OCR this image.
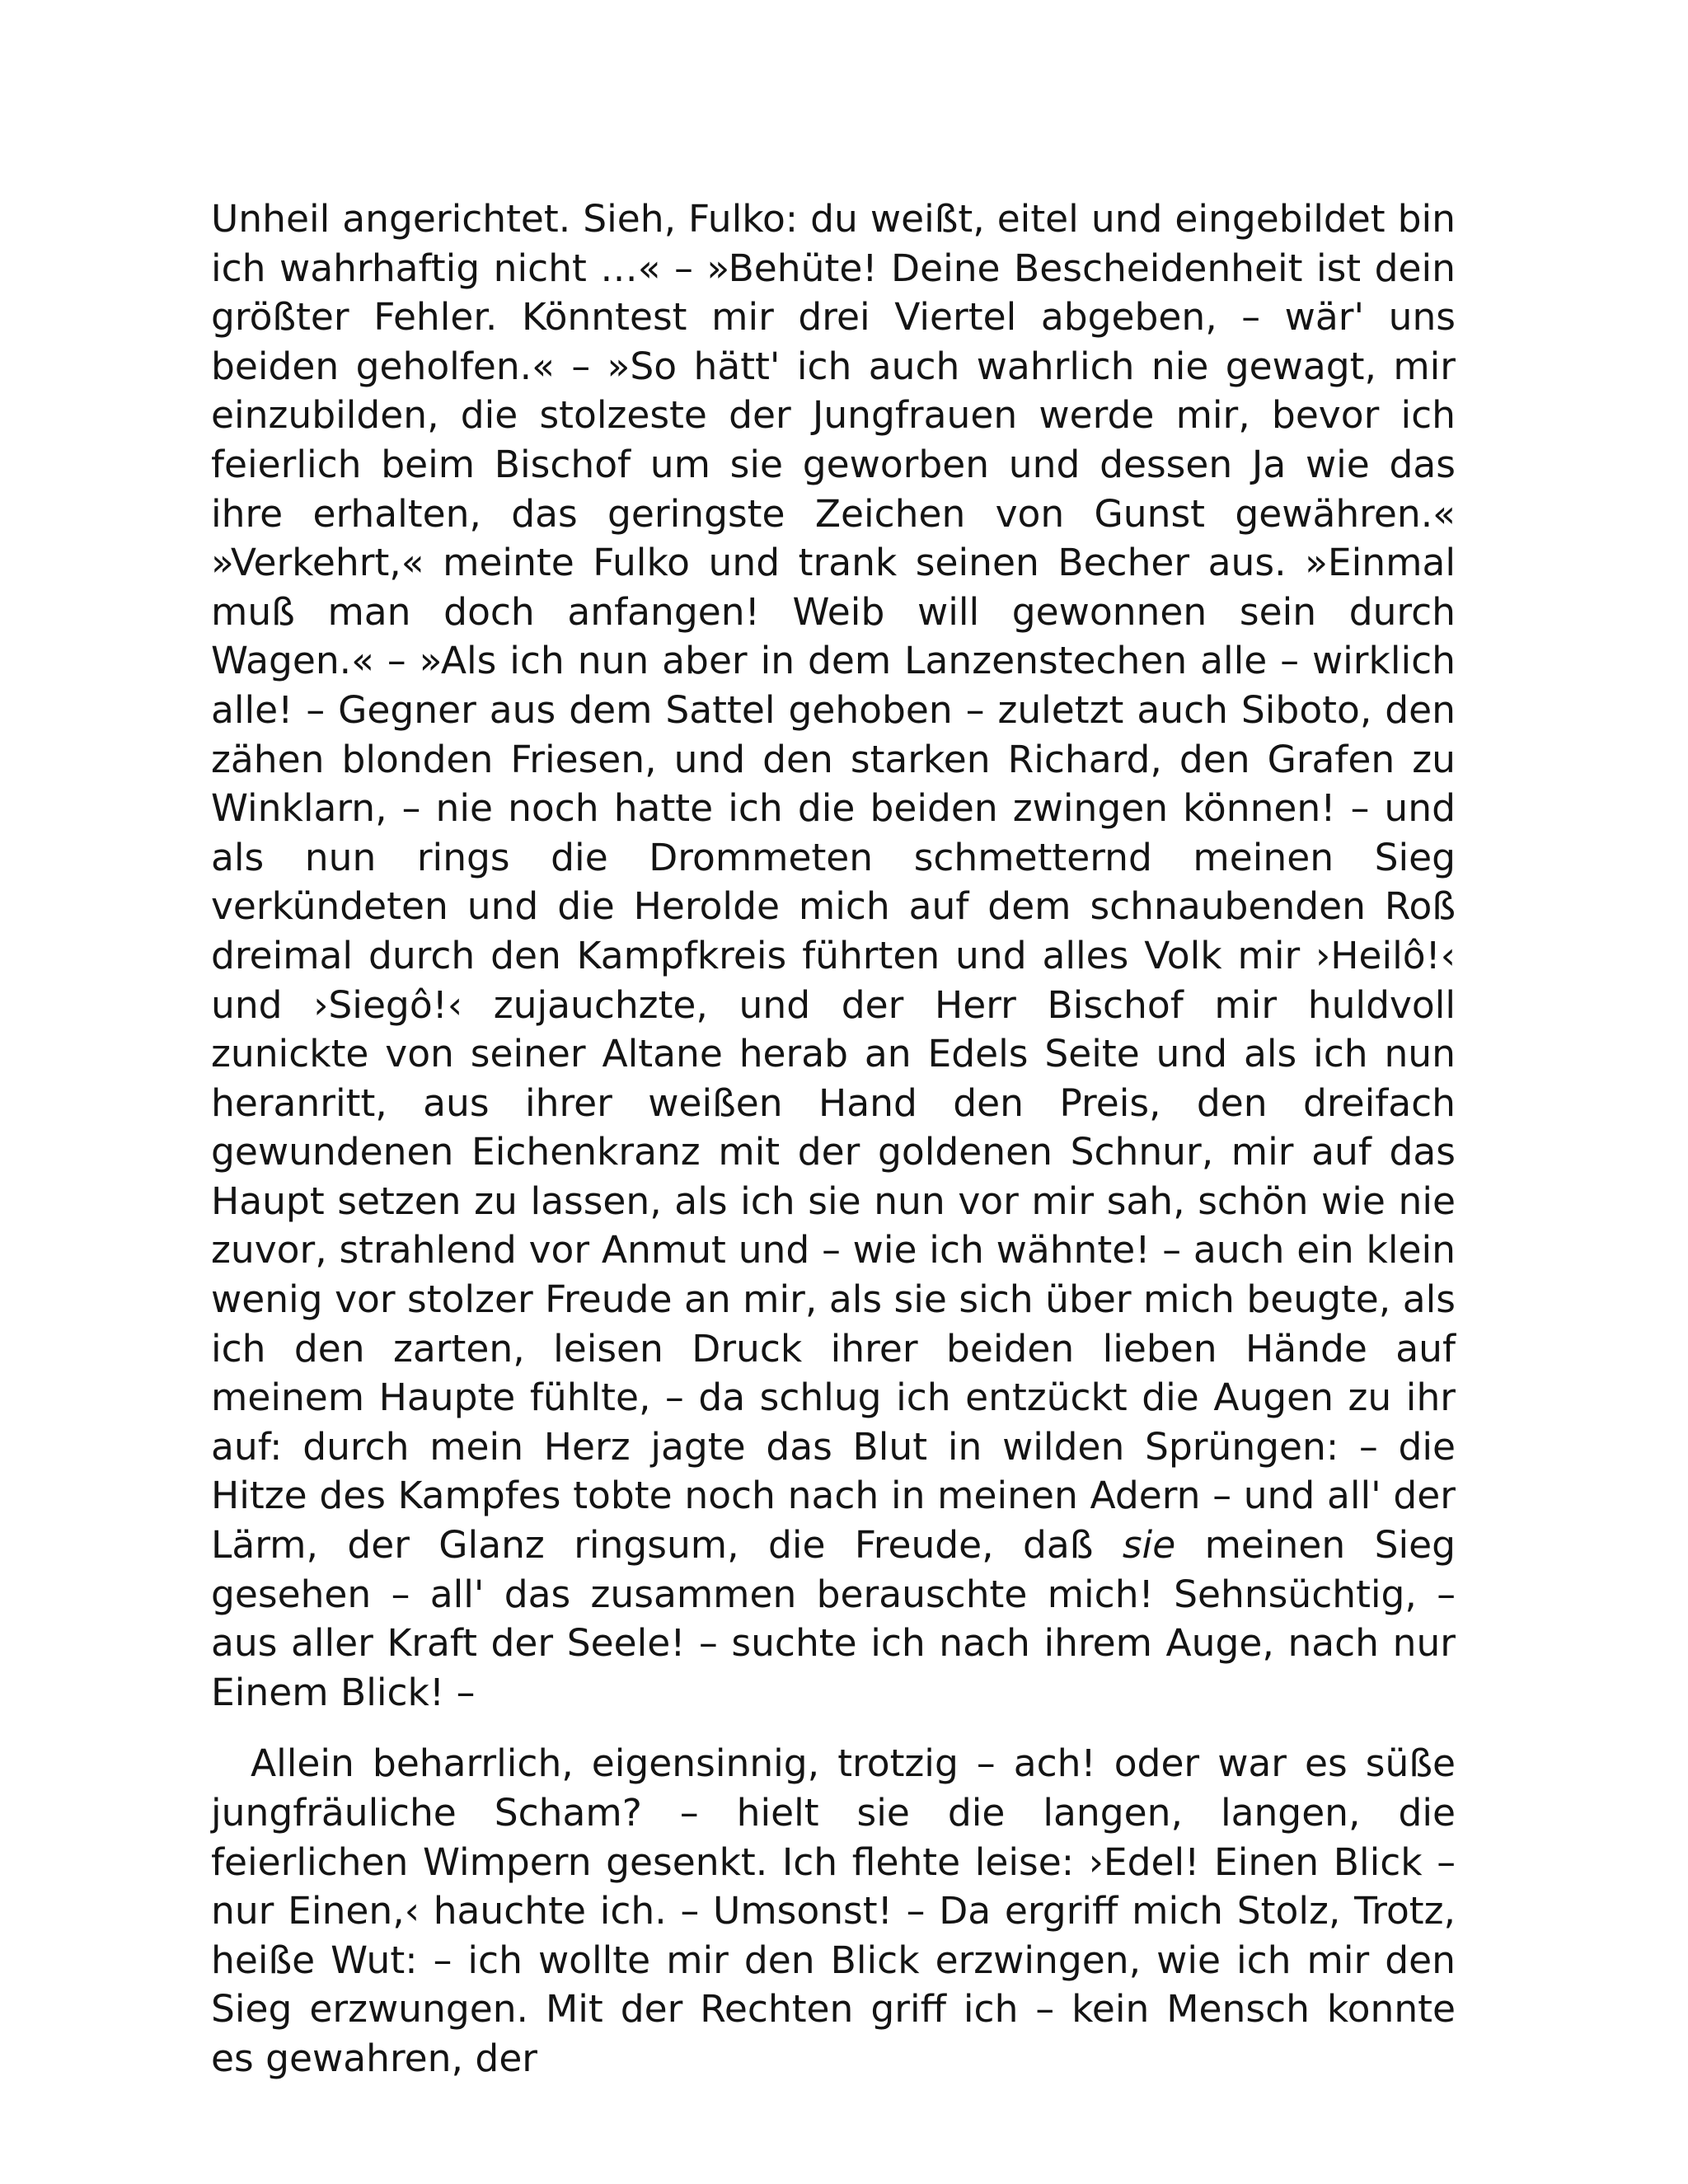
Unheil angerichtet. Sieh, Fulko: du weißt, eitel und eingebildet bin ich wahrhaftig nicht …« – »Behüte! Deine Bescheidenheit ist dein größter Fehler. Könntest mir drei Viertel abgeben, – wär' uns beiden geholfen.« – »So hätt' ich auch wahrlich nie gewagt, mir einzubilden, die stolzeste der Jungfrauen werde mir, bevor ich feierlich beim Bischof um sie geworben und dessen Ja wie das ihre erhalten, das geringste Zeichen von Gunst gewähren.« »Verkehrt,« meinte Fulko und trank seinen Becher aus. »Einmal muß man doch anfangen! Weib will gewonnen sein durch Wagen.« – »Als ich nun aber in dem Lanzenstechen alle – wirklich alle! – Gegner aus dem Sattel gehoben – zuletzt auch Siboto, den zähen blonden Friesen, und den starken Richard, den Grafen zu Winklarn, – nie noch hatte ich die beiden zwingen können! – und als nun rings die Drommeten schmetternd meinen Sieg verkündeten und die Herolde mich auf dem schnaubenden Roß dreimal durch den Kampfkreis führten und alles Volk mir ›Heilô!‹ und ›Siegô!‹ zujauchzte, und der Herr Bischof mir huldvoll zunickte von seiner Altane herab an Edels Seite und als ich nun heranritt, aus ihrer weißen Hand den Preis, den dreifach gewundenen Eichenkranz mit der goldenen Schnur, mir auf das Haupt setzen zu lassen, als ich sie nun vor mir sah, schön wie nie zuvor, strahlend vor Anmut und – wie ich wähnte! – auch ein klein wenig vor stolzer Freude an mir, als sie sich über mich beugte, als ich den zarten, leisen Druck ihrer beiden lieben Hände auf meinem Haupte fühlte, – da schlug ich entzückt die Augen zu ihr auf: durch mein Herz jagte das Blut in wilden Sprüngen: – die Hitze des Kampfes tobte noch nach in meinen Adern – und all' der Lärm, der Glanz ringsum, die Freude, daß sie meinen Sieg gesehen – all' das zusammen berauschte mich! Sehnsüchtig, – aus aller Kraft der Seele! – suchte ich nach ihrem Auge, nach nur Einem Blick! –

Allein beharrlich, eigensinnig, trotzig – ach! oder war es süße jungfräuliche Scham? – hielt sie die langen, langen, die feierlichen Wimpern gesenkt. Ich flehte leise: ›Edel! Einen Blick – nur Einen,‹ hauchte ich. – Umsonst! – Da ergriff mich Stolz, Trotz, heiße Wut: – ich wollte mir den Blick erzwingen, wie ich mir den Sieg erzwungen. Mit der Rechten griff ich – kein Mensch konnte es gewahren, der
